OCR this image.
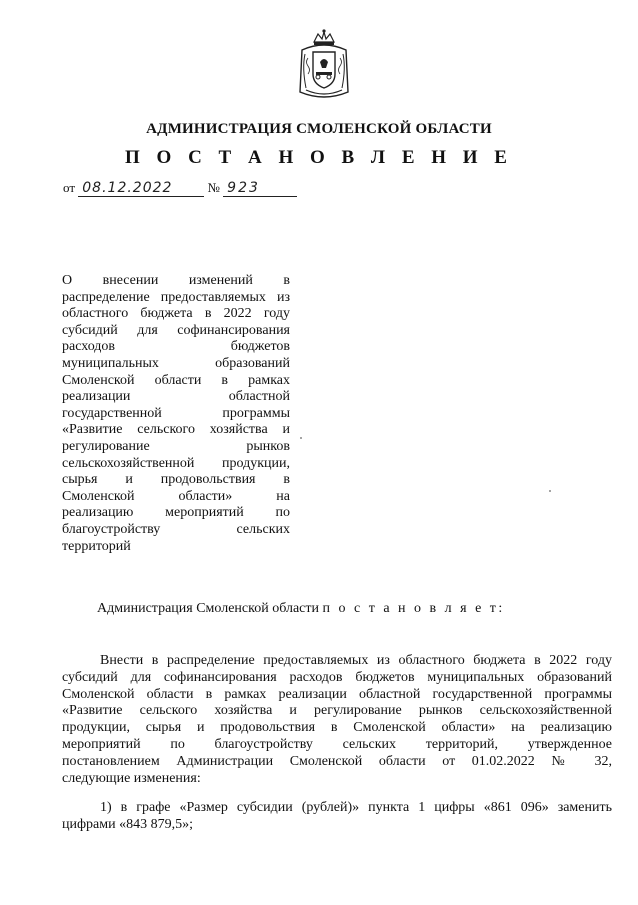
АДМИНИСТРАЦИЯ СМОЛЕНСКОЙ ОБЛАСТИ
П О С Т А Н О В Л Е Н И Е
от 08.12.2022	№ 923
О внесении изменений в
распределение предоставляемых из
областного бюджета в 2022 году
субсидий для софинансирования
расходов бюджетов
муниципальных образований
Смоленской области в рамках
реализации областной
государственной программы
«Развитие сельского хозяйства и
регулирование рынков
сельскохозяйственной продукции,
сырья и продовольствия в
Смоленской области» на
реализацию мероприятий по
благоустройству сельских
территорий
Администрация Смоленской области п о с т а н о в л я е т:
Внести в распределение предоставляемых из областного бюджета в 2022 году
субсидий для софинансирования расходов бюджетов муниципальных образований
Смоленской области в рамках реализации областной государственной программы
«Развитие сельского хозяйства и регулирование рынков сельскохозяйственной
продукции, сырья и продовольствия в Смоленской области» на реализацию
мероприятий по благоустройству сельских территорий, утвержденное
постановлением Администрации Смоленской области от 01.02.2022 № 32,
следующие изменения:
1) в графе «Размер субсидии (рублей)» пункта 1 цифры «861 096» заменить
цифрами «843 879,5»;
